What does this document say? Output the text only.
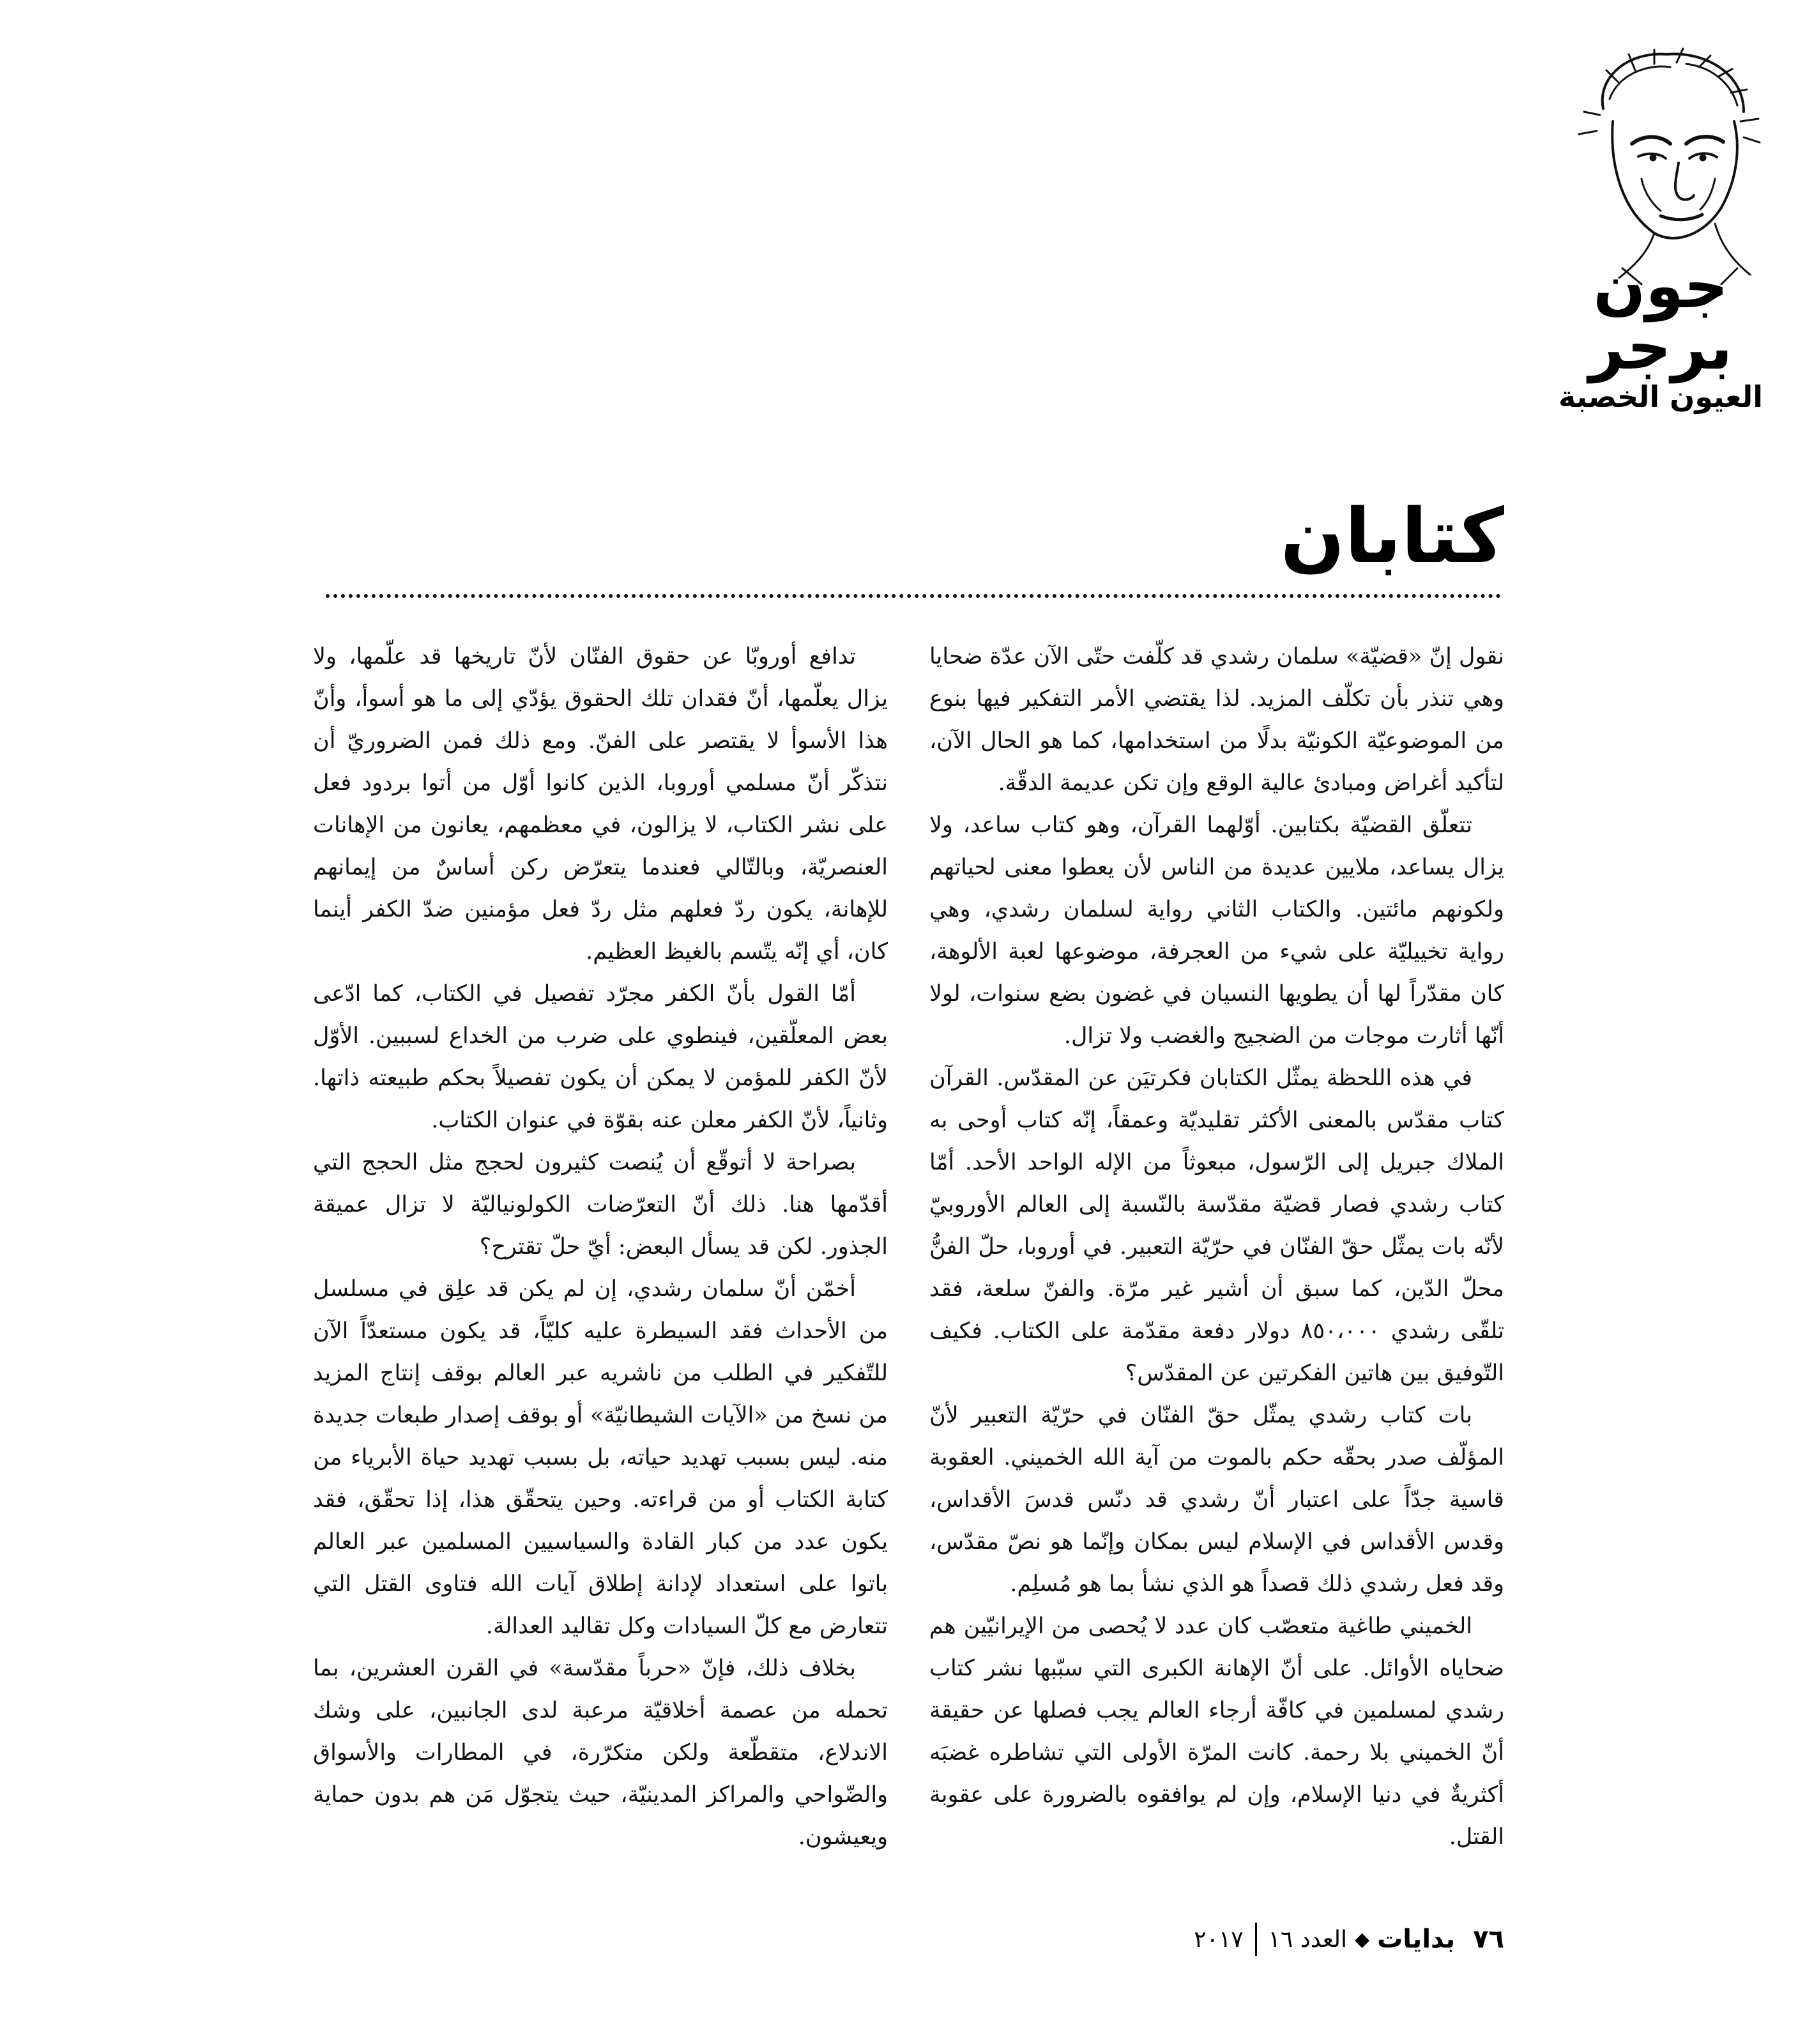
جون برجر
العيون الخصبة
كتابان

نقول إنّ «قضيّة» سلمان رشدي قد كلّفت حتّى الآن عدّة ضحايا وهي تنذر بأن تكلّف المزيد. لذا يقتضي الأمر التفكير فيها بنوع من الموضوعيّة الكونيّة بدلًا من استخدامها، كما هو الحال الآن، لتأكيد أغراض ومبادئ عالية الوقع وإن تكن عديمة الدقّة.

تتعلّق القضيّة بكتابين. أوّلهما القرآن، وهو كتاب ساعد، ولا يزال يساعد، ملايين عديدة من الناس لأن يعطوا معنى لحياتهم ولكونهم مائتين. والكتاب الثاني رواية لسلمان رشدي، وهي رواية تخييليّة على شيء من العجرفة، موضوعها لعبة الألوهة، كان مقدّراً لها أن يطويها النسيان في غضون بضع سنوات، لولا أنّها أثارت موجات من الضجيج والغضب ولا تزال.

في هذه اللحظة يمثّل الكتابان فكرتيَن عن المقدّس. القرآن كتاب مقدّس بالمعنى الأكثر تقليديّة وعمقاً، إنّه كتاب أوحى به الملاك جبريل إلى الرّسول، مبعوثاً من الإله الواحد الأحد. أمّا كتاب رشدي فصار قضيّة مقدّسة بالنّسبة إلى العالم الأوروبيّ لأنّه بات يمثّل حقّ الفنّان في حرّيّة التعبير. في أوروبا، حلّ الفنُّ محلّ الدّين، كما سبق أن أشير غير مرّة. والفنّ سلعة، فقد تلقّى رشدي ٨٥٠،٠٠٠ دولار دفعة مقدّمة على الكتاب. فكيف التّوفيق بين هاتين الفكرتين عن المقدّس؟

بات كتاب رشدي يمثّل حقّ الفنّان في حرّيّة التعبير لأنّ المؤلّف صدر بحقّه حكم بالموت من آية الله الخميني. العقوبة قاسية جدّاً على اعتبار أنّ رشدي قد دنّس قدسَ الأقداس، وقدس الأقداس في الإسلام ليس بمكان وإنّما هو نصّ مقدّس، وقد فعل رشدي ذلك قصداً هو الذي نشأ بما هو مُسلِم.

الخميني طاغية متعصّب كان عدد لا يُحصى من الإيرانيّين هم ضحاياه الأوائل. على أنّ الإهانة الكبرى التي سبّبها نشر كتاب رشدي لمسلمين في كافّة أرجاء العالم يجب فصلها عن حقيقة أنّ الخميني بلا رحمة. كانت المرّة الأولى التي تشاطره غضبَه أكثريةٌ في دنيا الإسلام، وإن لم يوافقوه بالضرورة على عقوبة القتل.

تدافع أوروبّا عن حقوق الفنّان لأنّ تاريخها قد علّمها، ولا يزال يعلّمها، أنّ فقدان تلك الحقوق يؤدّي إلى ما هو أسوأ، وأنّ هذا الأسوأ لا يقتصر على الفنّ. ومع ذلك فمن الضروريّ أن نتذكّر أنّ مسلمي أوروبا، الذين كانوا أوّل من أتوا بردود فعل على نشر الكتاب، لا يزالون، في معظمهم، يعانون من الإهانات العنصريّة، وبالتّالي فعندما يتعرّض ركن أساسٌ من إيمانهم للإهانة، يكون ردّ فعلهم مثل ردّ فعل مؤمنين ضدّ الكفر أينما كان، أي إنّه يتّسم بالغيظ العظيم.

أمّا القول بأنّ الكفر مجرّد تفصيل في الكتاب، كما ادّعى بعض المعلّقين، فينطوي على ضرب من الخداع لسببين. الأوّل لأنّ الكفر للمؤمن لا يمكن أن يكون تفصيلاً بحكم طبيعته ذاتها. وثانياً، لأنّ الكفر معلن عنه بقوّة في عنوان الكتاب.

بصراحة لا أتوقّع أن يُنصت كثيرون لحجج مثل الحجج التي أقدّمها هنا. ذلك أنّ التعرّضات الكولونياليّة لا تزال عميقة الجذور. لكن قد يسأل البعض: أيّ حلّ تقترح؟

أخمّن أنّ سلمان رشدي، إن لم يكن قد علِق في مسلسل من الأحداث فقد السيطرة عليه كليّاً، قد يكون مستعدّاً الآن للتّفكير في الطلب من ناشريه عبر العالم بوقف إنتاج المزيد من نسخ من «الآيات الشيطانيّة» أو بوقف إصدار طبعات جديدة منه. ليس بسبب تهديد حياته، بل بسبب تهديد حياة الأبرياء من كتابة الكتاب أو من قراءته. وحين يتحقّق هذا، إذا تحقّق، فقد يكون عدد من كبار القادة والسياسيين المسلمين عبر العالم باتوا على استعداد لإدانة إطلاق آيات الله فتاوى القتل التي تتعارض مع كلّ السيادات وكل تقاليد العدالة.

بخلاف ذلك، فإنّ «حرباً مقدّسة» في القرن العشرين، بما تحمله من عصمة أخلاقيّة مرعبة لدى الجانبين، على وشك الاندلاع، متقطّعة ولكن متكرّرة، في المطارات والأسواق والضّواحي والمراكز المدينيّة، حيث يتجوّل مَن هم بدون حماية ويعيشون.

٧٦
بدايات
◆
العدد ١٦
٢٠١٧
